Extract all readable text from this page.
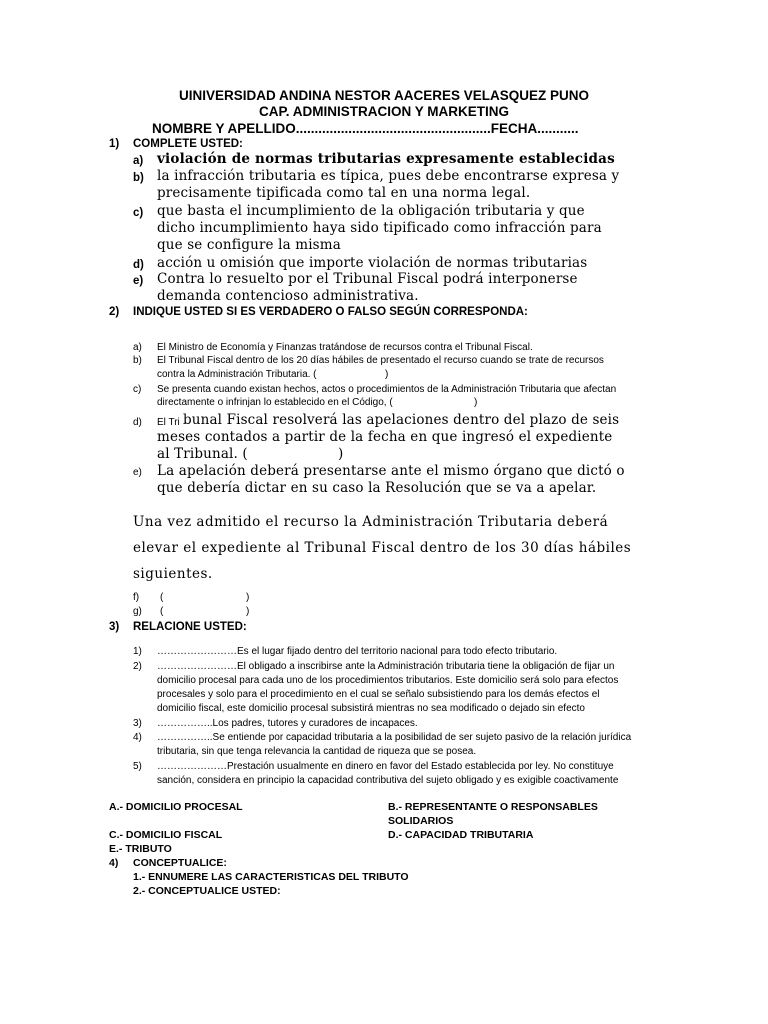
UINIVERSIDAD ANDINA NESTOR AACERES VELASQUEZ PUNO
CAP. ADMINISTRACION Y MARKETING
NOMBRE Y APELLIDO....................................................FECHA...........
1) COMPLETE USTED:
a) violación de normas tributarias expresamente establecidas
b) la infracción tributaria es típica, pues debe encontrarse expresa y
precisamente tipificada como tal en una norma legal.
c) que basta el incumplimiento de la obligación tributaria y que
dicho incumplimiento haya sido tipificado como infracción para
que se configure la misma
d) acción u omisión que importe violación de normas tributarias
e) Contra lo resuelto por el Tribunal Fiscal podrá interponerse
demanda contencioso administrativa.
2) INDIQUE USTED SI ES VERDADERO O FALSO SEGÚN CORRESPONDA:
a) El Ministro de Economía y Finanzas tratándose de recursos contra el Tribunal Fiscal.
b) El Tribunal Fiscal dentro de los 20 días hábiles de presentado el recurso cuando se trate de recursos
contra la Administración Tributaria. (	)
c) Se presenta cuando existan hechos, actos o procedimientos de la Administración Tributaria que afectan
directamente o infrinjan lo establecido en el Código, (	)
d) El Tri bunal Fiscal resolverá las apelaciones dentro del plazo de seis
meses contados a partir de la fecha en que ingresó el expediente
al Tribunal. (	)
e) La apelación deberá presentarse ante el mismo órgano que dictó o
que debería dictar en su caso la Resolución que se va a apelar.
Una vez admitido el recurso la Administración Tributaria deberá
elevar el expediente al Tribunal Fiscal dentro de los 30 días hábiles
siguientes.
f) (	)
g) (	)
3) RELACIONE USTED:
1) ……………………Es el lugar fijado dentro del territorio nacional para todo efecto tributario.
2) ……………………El obligado a inscribirse ante la Administración tributaria tiene la obligación de fijar un
domicilio procesal para cada uno de los procedimientos tributarios. Este domicilio será solo para efectos
procesales y solo para el procedimiento en el cual se señalo subsistiendo para los demás efectos el
domicilio fiscal, este domicilio procesal subsistirá mientras no sea modificado o dejado sin efecto
3) ……………..Los padres, tutores y curadores de incapaces.
4) ……………..Se entiende por capacidad tributaria a la posibilidad de ser sujeto pasivo de la relación jurídica
tributaria, sin que tenga relevancia la cantidad de riqueza que se posea.
5) …………………Prestación usualmente en dinero en favor del Estado establecida por ley. No constituye
sanción, considera en principio la capacidad contributiva del sujeto obligado y es exigible coactivamente
A.- DOMICILIO PROCESAL	B.- REPRESENTANTE O RESPONSABLES
SOLIDARIOS
C.- DOMICILIO FISCAL	D.- CAPACIDAD TRIBUTARIA
E.- TRIBUTO
4) CONCEPTUALICE:
1.- ENNUMERE LAS CARACTERISTICAS DEL TRIBUTO
2.- CONCEPTUALICE USTED:
